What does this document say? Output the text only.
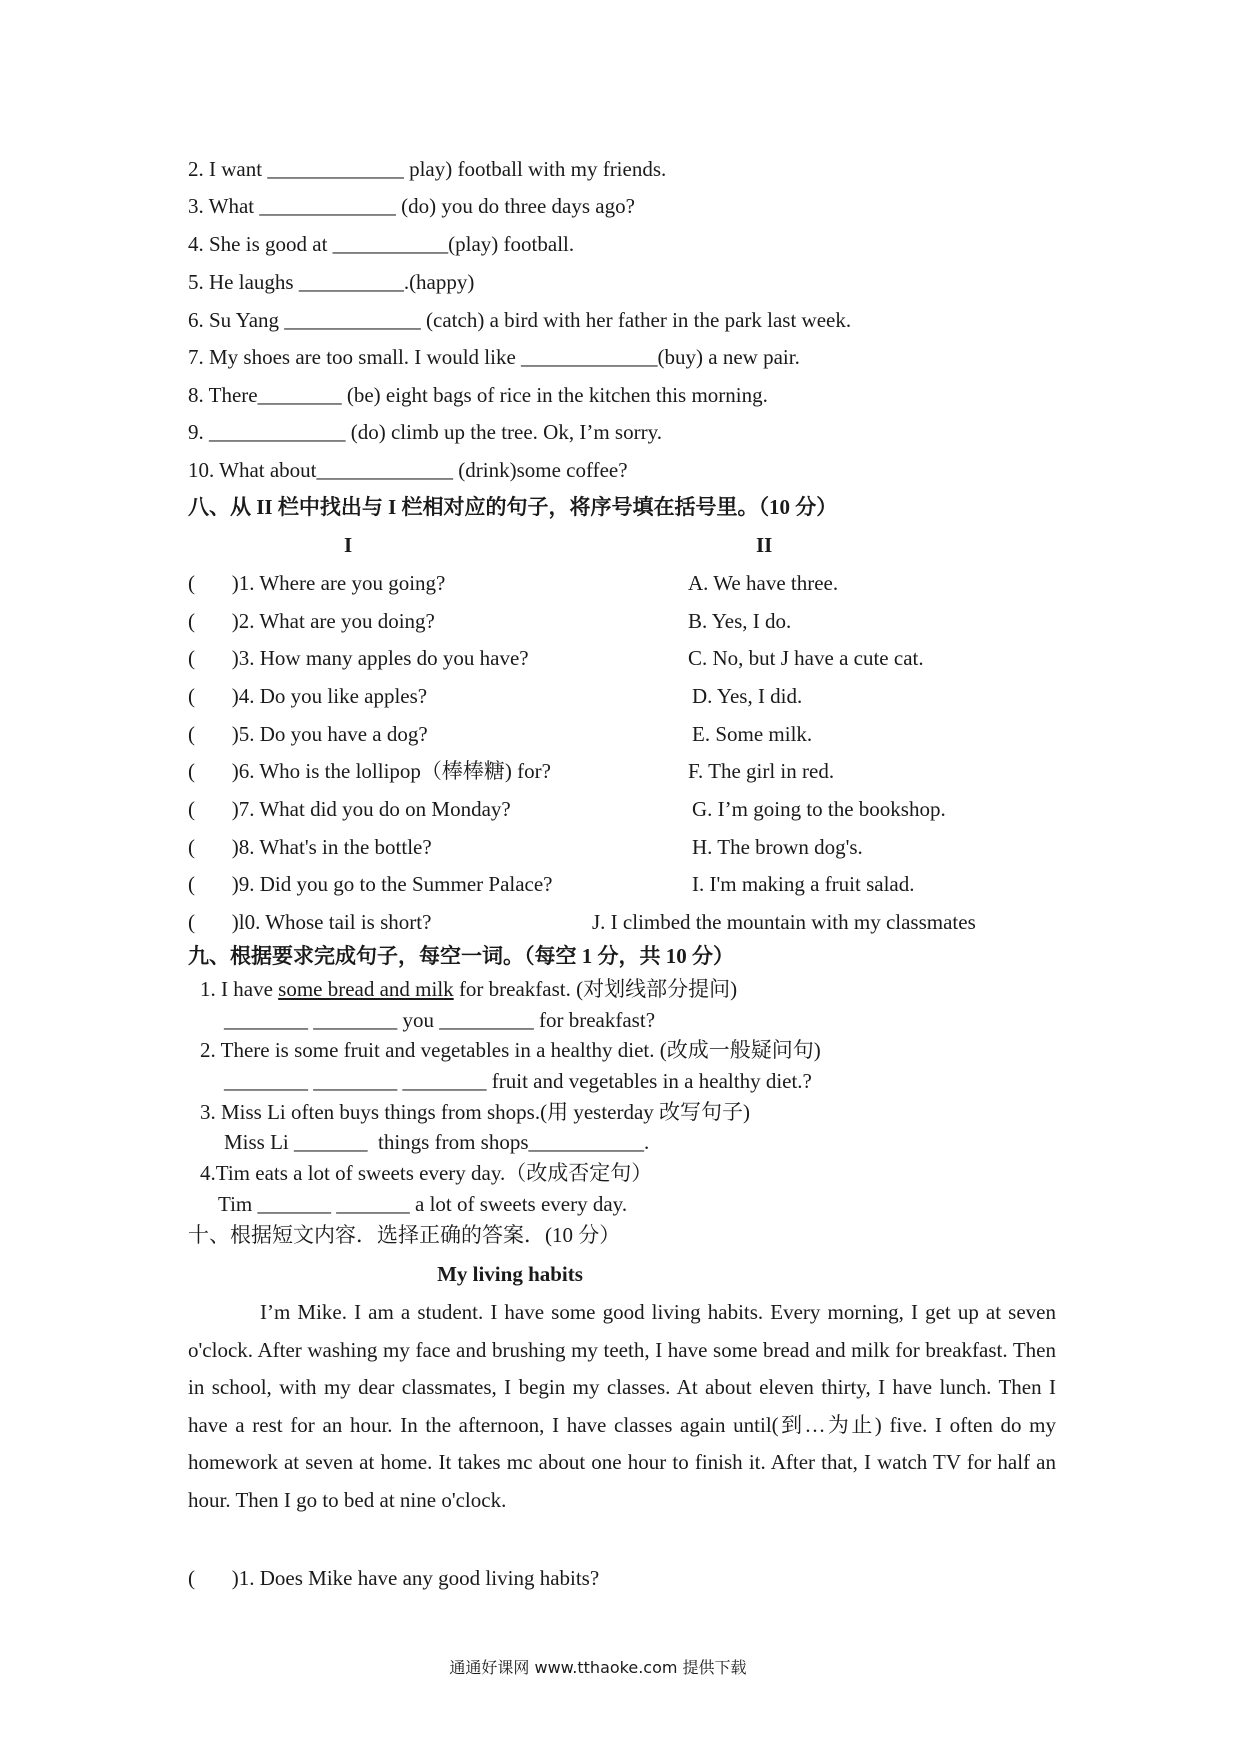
2. I want _____________ play) football with my friends.
3. What _____________ (do) you do three days ago?
4. She is good at ___________(play) football.
5. He laughs __________.(happy)
6. Su Yang _____________ (catch) a bird with her father in the park last week.
7. My shoes are too small. I would like _____________(buy) a new pair.
8. There________ (be) eight bags of rice in the kitchen this morning.
9. _____________ (do) climb up the tree. Ok, I’m sorry.
10. What about_____________ (drink)some coffee?
八、从 II 栏中找出与 I 栏相对应的句子，将序号填在括号里。（10 分）
I	II
(       )1. Where are you going?
(       )2. What are you doing?
(       )3. How many apples do you have?
(       )4. Do you like apples?
(       )5. Do you have a dog?
(       )6. Who is the lollipop（棒棒糖) for?
(       )7. What did you do on Monday?
(       )8. What's in the bottle?
(       )9. Did you go to the Summer Palace?
(       )l0. Whose tail is short?
A. We have three.
B. Yes, I do.
C. No, but J have a cute cat.
D. Yes, I did.
E. Some milk.
F. The girl in red.
G. I’m going to the bookshop.
H. The brown dog's.
I. I'm making a fruit salad.
J. I climbed the mountain with my classmates
九、根据要求完成句子，每空一词。（每空 1 分，共 10 分）
1. I have some bread and milk for breakfast. (对划线部分提问)
________ ________ you _________ for breakfast?
2. There is some fruit and vegetables in a healthy diet. (改成一般疑问句)
________ ________ ________ fruit and vegetables in a healthy diet.?
3. Miss Li often buys things from shops.(用 yesterday 改写句子)
Miss Li _______  things from shops___________.
4.Tim eats a lot of sweets every day.（改成否定句）
Tim _______ _______ a lot of sweets every day.
十、根据短文内容．选择正确的答案．(10 分）
My living habits
I’m Mike. I am a student. I have some good living habits. Every morning, I get up at seven o'clock. After washing my face and brushing my teeth, I have some bread and milk for breakfast. Then in school, with my dear classmates, I begin my classes. At about eleven thirty, I have lunch. Then I have a rest for an hour. In the afternoon, I have classes again until(到…为止) five. I often do my homework at seven at home. It takes mc about one hour to finish it. After that, I watch TV for half an hour. Then I go to bed at nine o'clock.
(       )1. Does Mike have any good living habits?
通通好课网 www.tthaoke.com 提供下载
